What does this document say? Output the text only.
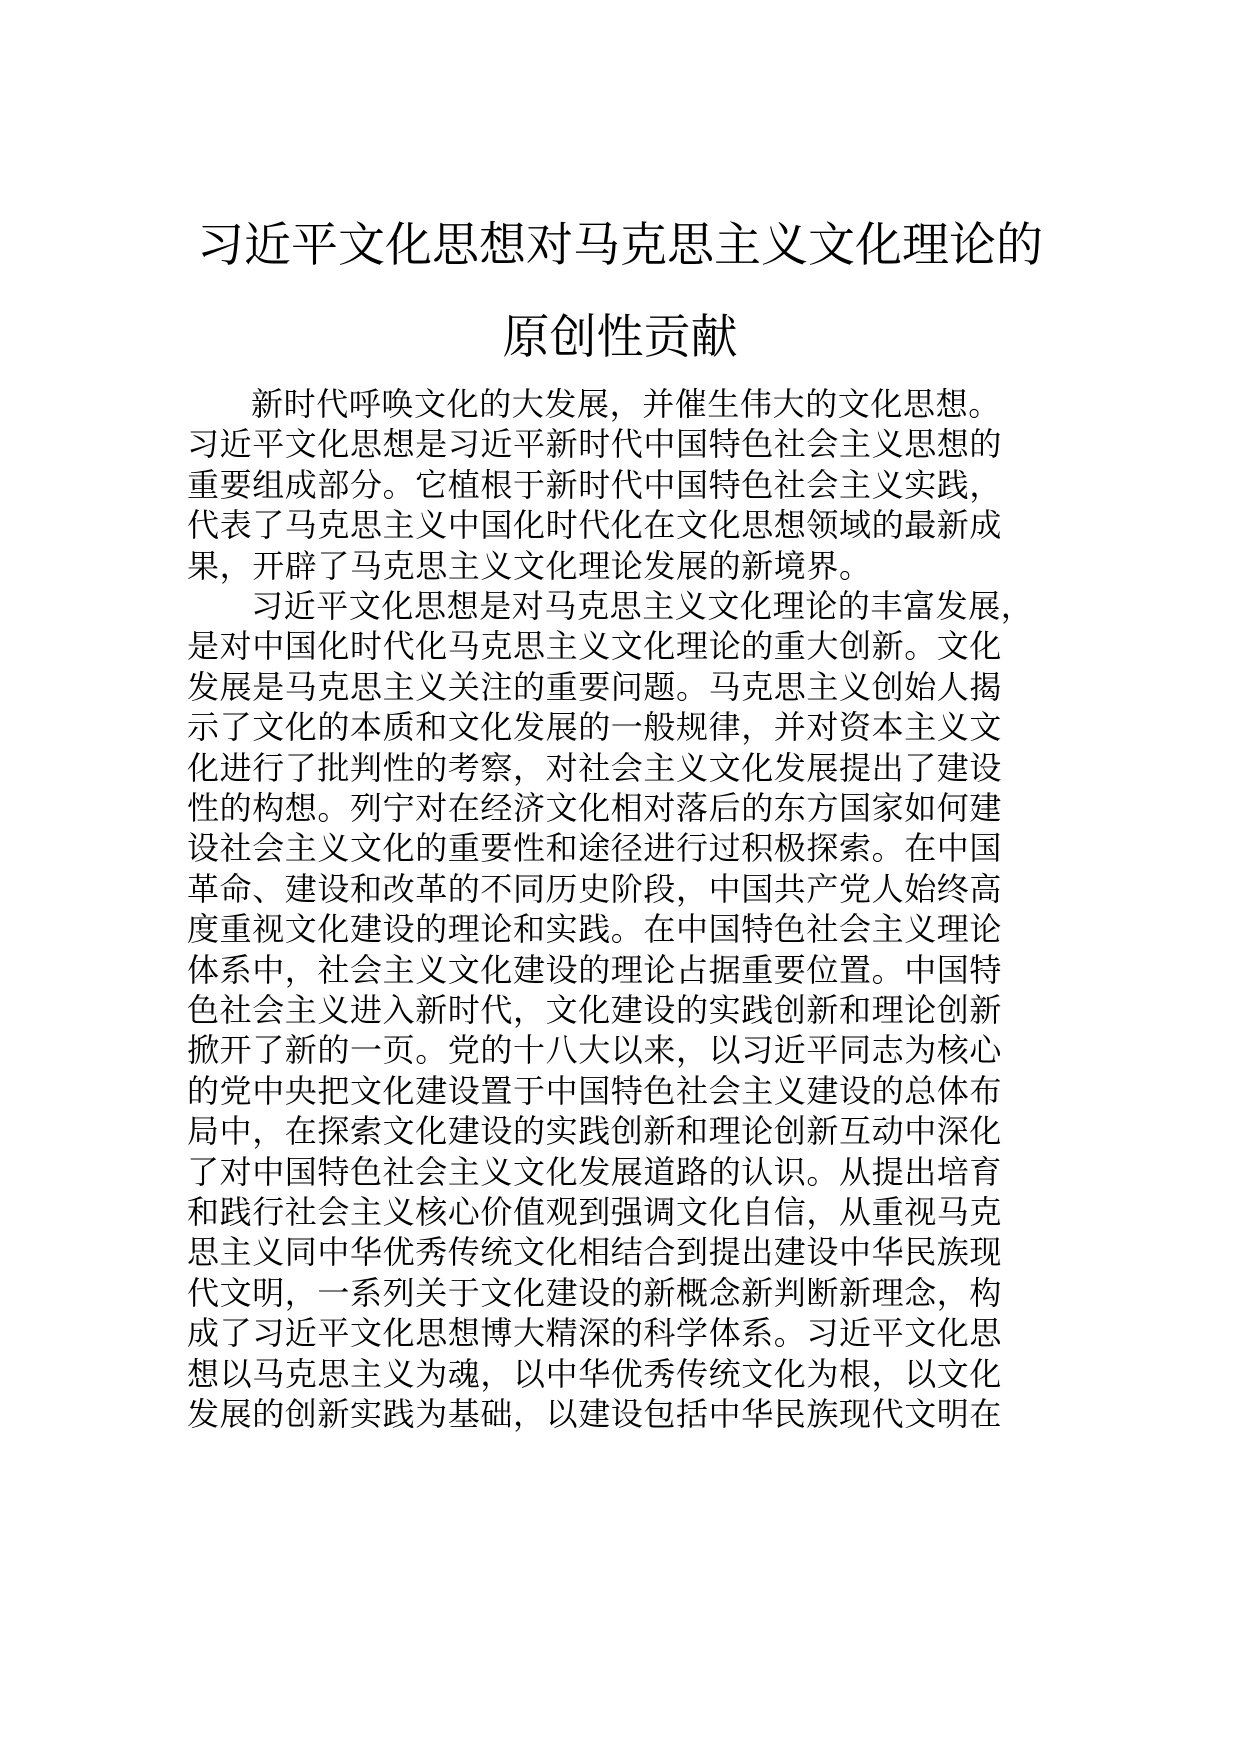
习近平文化思想对马克思主义文化理论的
原创性贡献
新时代呼唤文化的大发展，并催生伟大的文化思想。
习近平文化思想是习近平新时代中国特色社会主义思想的
重要组成部分。它植根于新时代中国特色社会主义实践，
代表了马克思主义中国化时代化在文化思想领域的最新成
果，开辟了马克思主义文化理论发展的新境界。
习近平文化思想是对马克思主义文化理论的丰富发展，
是对中国化时代化马克思主义文化理论的重大创新。文化
发展是马克思主义关注的重要问题。马克思主义创始人揭
示了文化的本质和文化发展的一般规律，并对资本主义文
化进行了批判性的考察，对社会主义文化发展提出了建设
性的构想。列宁对在经济文化相对落后的东方国家如何建
设社会主义文化的重要性和途径进行过积极探索。在中国
革命、建设和改革的不同历史阶段，中国共产党人始终高
度重视文化建设的理论和实践。在中国特色社会主义理论
体系中，社会主义文化建设的理论占据重要位置。中国特
色社会主义进入新时代，文化建设的实践创新和理论创新
掀开了新的一页。党的十八大以来，以习近平同志为核心
的党中央把文化建设置于中国特色社会主义建设的总体布
局中，在探索文化建设的实践创新和理论创新互动中深化
了对中国特色社会主义文化发展道路的认识。从提出培育
和践行社会主义核心价值观到强调文化自信，从重视马克
思主义同中华优秀传统文化相结合到提出建设中华民族现
代文明，一系列关于文化建设的新概念新判断新理念，构
成了习近平文化思想博大精深的科学体系。习近平文化思
想以马克思主义为魂，以中华优秀传统文化为根，以文化
发展的创新实践为基础，以建设包括中华民族现代文明在
